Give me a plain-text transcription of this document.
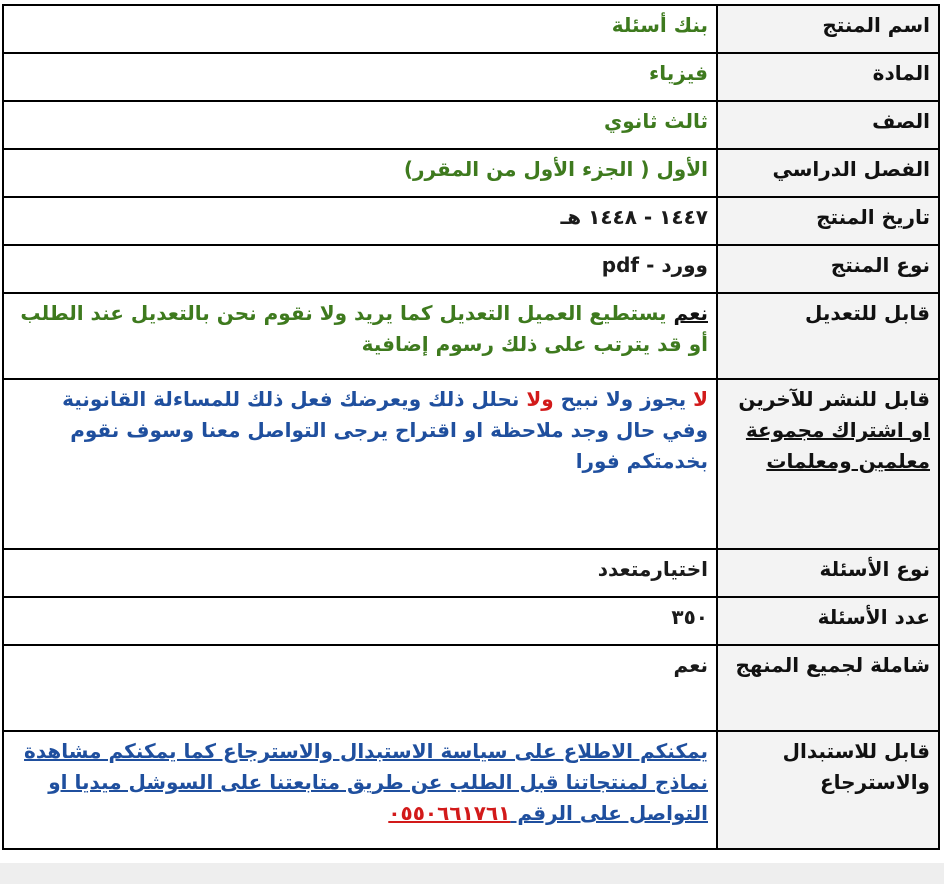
اسم المنتج	بنك أسئلة
المادة	فيزياء
الصف	ثالث ثانوي
الفصل الدراسي	الأول ( الجزء الأول من المقرر)
تاريخ المنتج	١٤٤٧ - ١٤٤٨ هـ
نوع المنتج	وورد - pdf
قابل للتعديل	نعم يستطيع العميل التعديل كما يريد ولا نقوم نحن بالتعديل عند الطلب أو قد يترتب على ذلك رسوم إضافية
قابل للنشر للآخرين او اشتراك مجموعة معلمين ومعلمات	لا يجوز ولا نبيح ولا نحلل ذلك ويعرضك فعل ذلك للمساءلة القانونية وفي حال وجد ملاحظة او اقتراح يرجى التواصل معنا وسوف نقوم بخدمتكم فورا
نوع الأسئلة	اختيارمتعدد
عدد الأسئلة	٣٥٠
شاملة لجميع المنهج	نعم
قابل للاستبدال والاسترجاع	يمكنكم الاطلاع على سياسة الاستبدال والاسترجاع كما يمكنكم مشاهدة نماذج لمنتجاتنا قبل الطلب عن طريق متابعتنا على السوشل ميديا او التواصل على الرقم ٠٥٥٠٦٦١٧٦١
